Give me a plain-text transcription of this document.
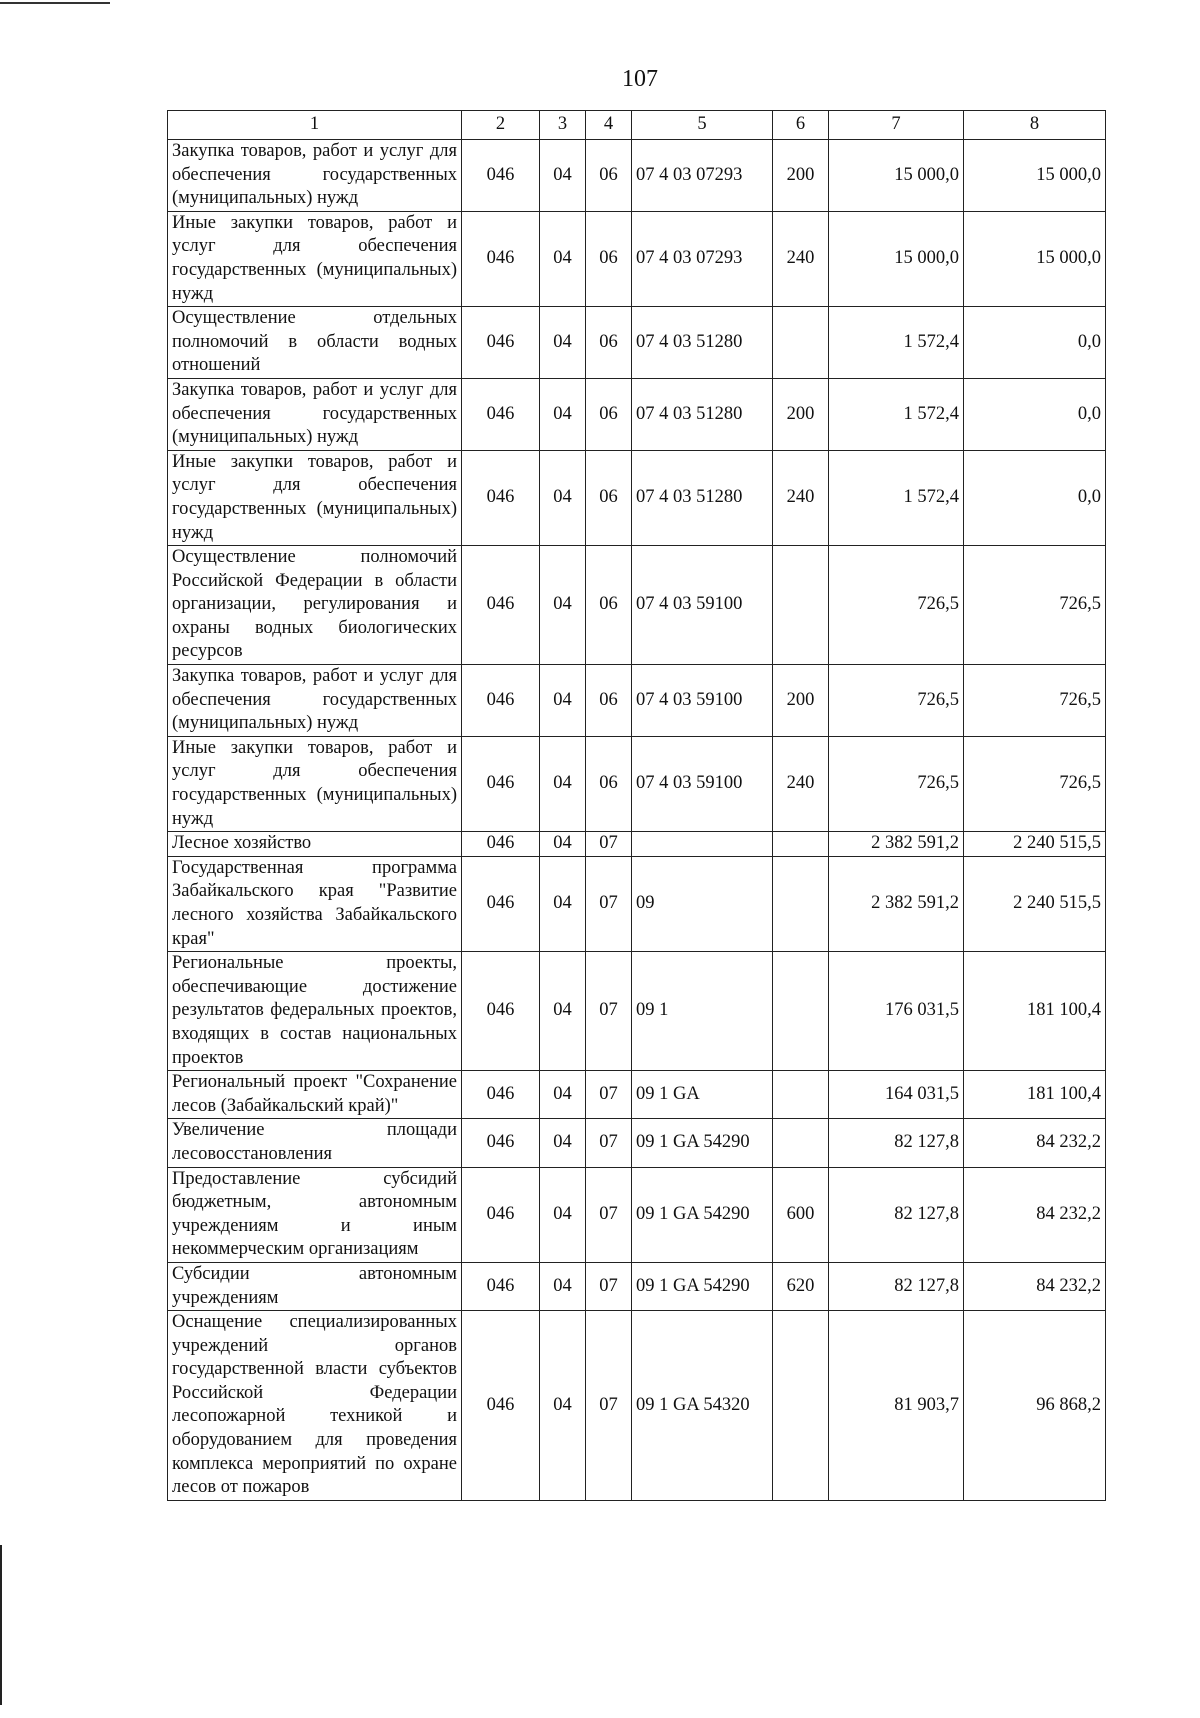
107
1	2	3	4	5	6	7	8
Закупка товаров, работ и услуг для обеспечения государственных (муниципальных) нужд	046	04	06	07 4 03 07293	200	15 000,0	15 000,0
Иные закупки товаров, работ и услуг для обеспечения государственных (муниципальных) нужд	046	04	06	07 4 03 07293	240	15 000,0	15 000,0
Осуществление отдельных полномочий в области водных отношений	046	04	06	07 4 03 51280		1 572,4	0,0
Закупка товаров, работ и услуг для обеспечения государственных (муниципальных) нужд	046	04	06	07 4 03 51280	200	1 572,4	0,0
Иные закупки товаров, работ и услуг для обеспечения государственных (муниципальных) нужд	046	04	06	07 4 03 51280	240	1 572,4	0,0
Осуществление полномочий Российской Федерации в области организации, регулирования и охраны водных биологических ресурсов	046	04	06	07 4 03 59100		726,5	726,5
Закупка товаров, работ и услуг для обеспечения государственных (муниципальных) нужд	046	04	06	07 4 03 59100	200	726,5	726,5
Иные закупки товаров, работ и услуг для обеспечения государственных (муниципальных) нужд	046	04	06	07 4 03 59100	240	726,5	726,5
Лесное хозяйство	046	04	07			2 382 591,2	2 240 515,5
Государственная программа Забайкальского края "Развитие лесного хозяйства Забайкальского края"	046	04	07	09		2 382 591,2	2 240 515,5
Региональные проекты, обеспечивающие достижение результатов федеральных проектов, входящих в состав национальных проектов	046	04	07	09 1		176 031,5	181 100,4
Региональный проект "Сохранение лесов (Забайкальский край)"	046	04	07	09 1 GA		164 031,5	181 100,4
Увеличение площади лесовосстановления	046	04	07	09 1 GA 54290		82 127,8	84 232,2
Предоставление субсидий бюджетным, автономным учреждениям и иным некоммерческим организациям	046	04	07	09 1 GA 54290	600	82 127,8	84 232,2
Субсидии автономным учреждениям	046	04	07	09 1 GA 54290	620	82 127,8	84 232,2
Оснащение специализированных учреждений органов государственной власти субъектов Российской Федерации лесопожарной техникой и оборудованием для проведения комплекса мероприятий по охране лесов от пожаров	046	04	07	09 1 GA 54320		81 903,7	96 868,2
